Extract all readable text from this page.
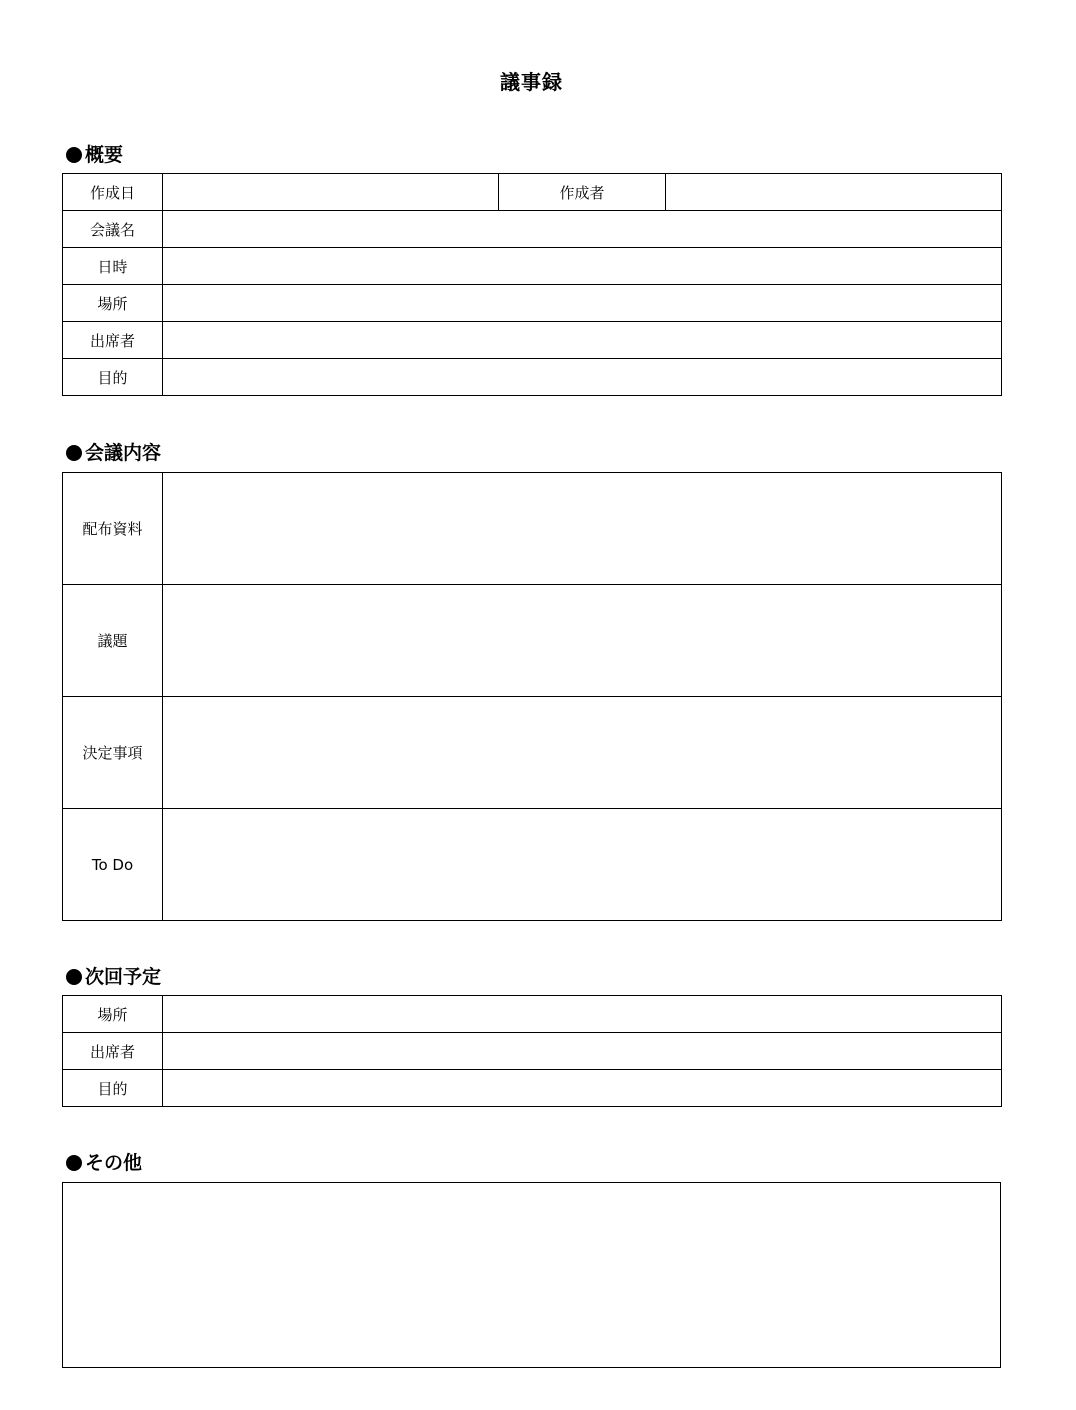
議事録
概要
作成日		作成者	
会議名			
日時			
場所			
出席者			
目的			
会議内容
配布資料	
議題	
決定事項	
To Do	
次回予定
場所	
出席者	
目的	
その他
